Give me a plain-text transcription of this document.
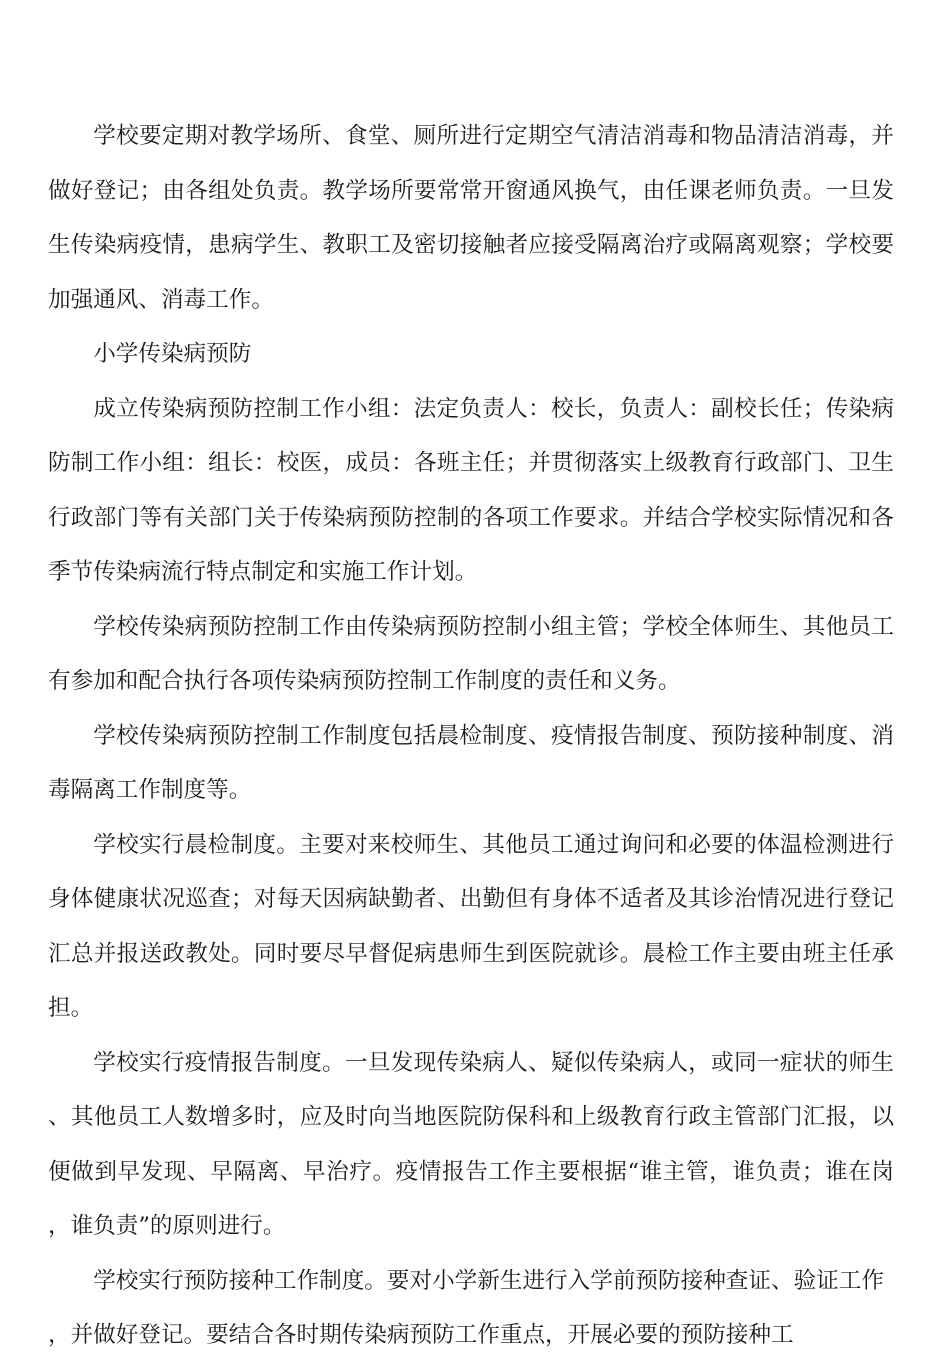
学校要定期对教学场所、食堂、厕所进行定期空气清洁消毒和物品清洁消毒，并做好登记；由各组处负责。教学场所要常常开窗通风换气，由任课老师负责。一旦发生传染病疫情，患病学生、教职工及密切接触者应接受隔离治疗或隔离观察；学校要加强通风、消毒工作。

小学传染病预防

成立传染病预防控制工作小组：法定负责人：校长，负责人：副校长任；传染病防制工作小组：组长：校医，成员：各班主任；并贯彻落实上级教育行政部门、卫生行政部门等有关部门关于传染病预防控制的各项工作要求。并结合学校实际情况和各季节传染病流行特点制定和实施工作计划。

学校传染病预防控制工作由传染病预防控制小组主管；学校全体师生、其他员工有参加和配合执行各项传染病预防控制工作制度的责任和义务。

学校传染病预防控制工作制度包括晨检制度、疫情报告制度、预防接种制度、消毒隔离工作制度等。

学校实行晨检制度。主要对来校师生、其他员工通过询问和必要的体温检测进行身体健康状况巡查；对每天因病缺勤者、出勤但有身体不适者及其诊治情况进行登记汇总并报送政教处。同时要尽早督促病患师生到医院就诊。晨检工作主要由班主任承担。

学校实行疫情报告制度。一旦发现传染病人、疑似传染病人，或同一症状的师生、其他员工人数增多时，应及时向当地医院防保科和上级教育行政主管部门汇报，以便做到早发现、早隔离、早治疗。疫情报告工作主要根据“谁主管，谁负责；谁在岗，谁负责”的原则进行。

学校实行预防接种工作制度。要对小学新生进行入学前预防接种查证、验证工作，并做好登记。要结合各时期传染病预防工作重点，开展必要的预防接种工
